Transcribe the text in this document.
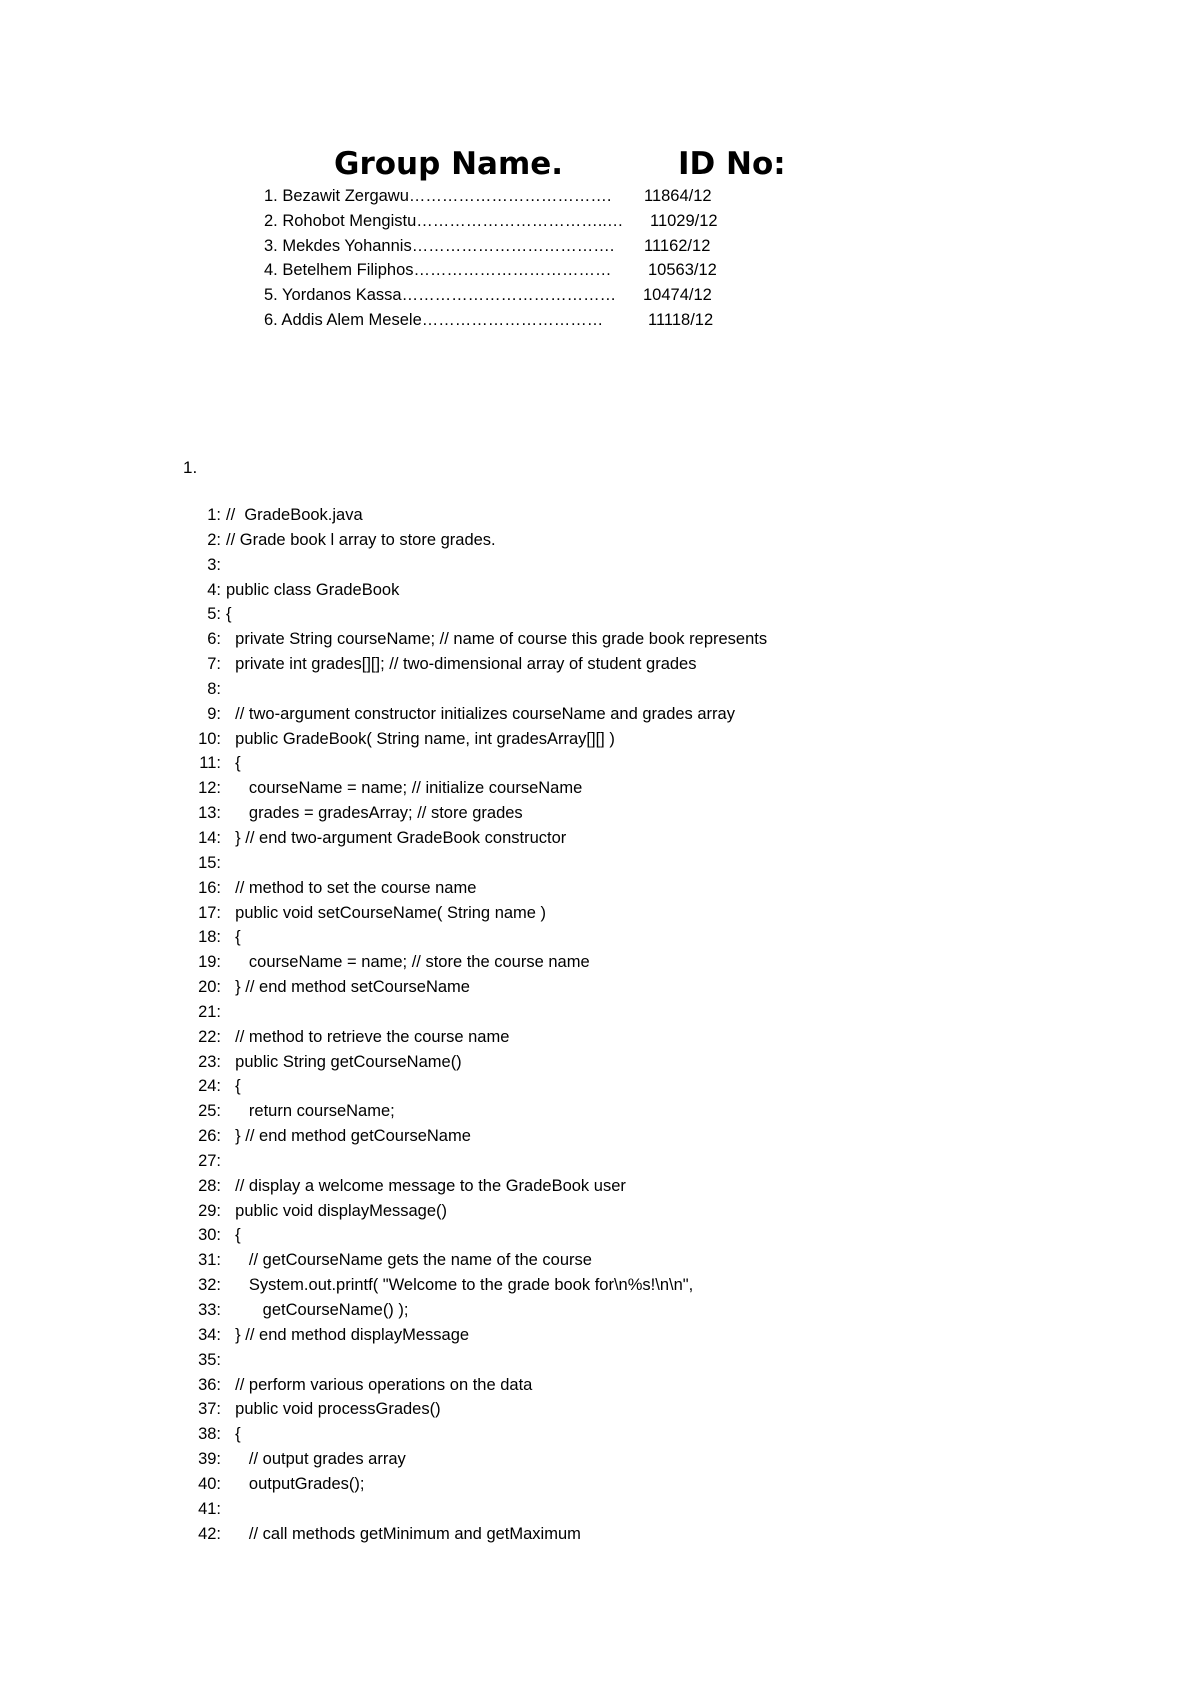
Group Name.	ID No:
1. Bezawit Zergawu………………………………. 11864/12
2. Rohobot Mengistu……………………………..… 11029/12
3. Mekdes Yohannis………………………………. 11162/12
4. Betelhem Filiphos……………………………… 10563/12
5. Yordanos Kassa………………………………… 10474/12
6. Addis Alem Mesele……………………………	11118/12
1.
1: //  GradeBook.java
2: // Grade book l array to store grades.
3:
4: public class GradeBook
5: {
6: private String courseName; // name of course this grade book represents
7: private int grades[][]; // two-dimensional array of student grades
8:
9: // two-argument constructor initializes courseName and grades array
10: public GradeBook( String name, int gradesArray[][] )
11: {
12: courseName = name; // initialize courseName
13: grades = gradesArray; // store grades
14: } // end two-argument GradeBook constructor
15:
16: // method to set the course name
17: public void setCourseName( String name )
18: {
19: courseName = name; // store the course name
20: } // end method setCourseName
21:
22: // method to retrieve the course name
23: public String getCourseName()
24: {
25: return courseName;
26: } // end method getCourseName
27:
28: // display a welcome message to the GradeBook user
29: public void displayMessage()
30: {
31: // getCourseName gets the name of the course
32: System.out.printf( "Welcome to the grade book for\n%s!\n\n",
33: getCourseName() );
34: } // end method displayMessage
35:
36: // perform various operations on the data
37: public void processGrades()
38: {
39: // output grades array
40: outputGrades();
41:
42: // call methods getMinimum and getMaximum
